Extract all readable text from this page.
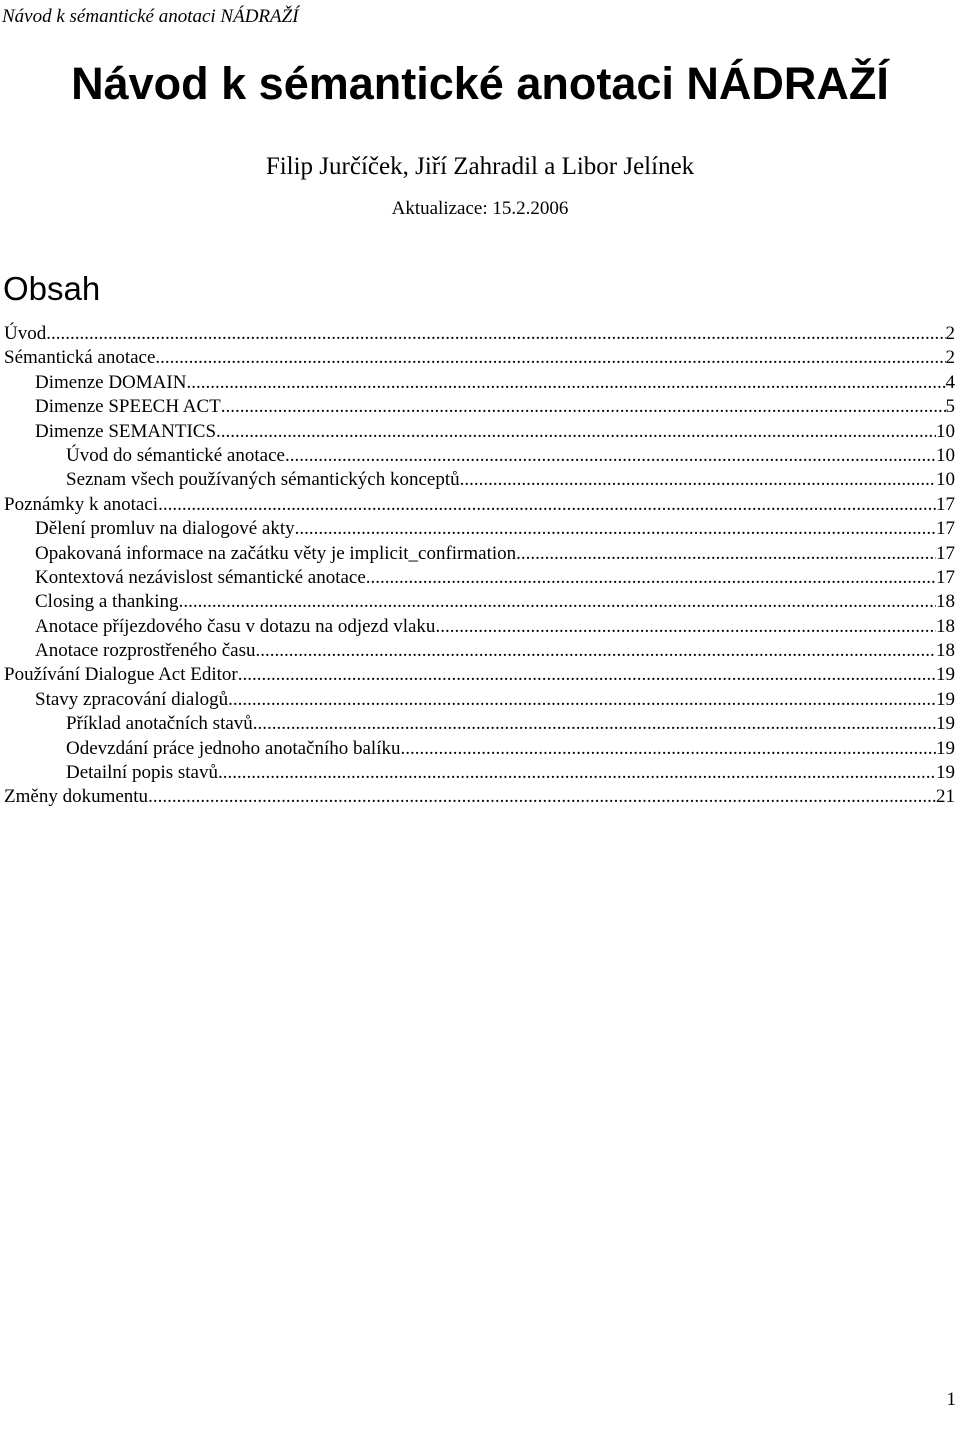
Návod k sémantické anotaci NÁDRAŽÍ
Návod k sémantické anotaci NÁDRAŽÍ
Filip Jurčíček, Jiří Zahradil a Libor Jelínek
Aktualizace: 15.2.2006
Obsah
Úvod .....	2
Sémantická anotace .....	2
Dimenze DOMAIN .....	4
Dimenze SPEECH ACT .....	5
Dimenze SEMANTICS .....	10
Úvod do sémantické anotace .....	10
Seznam všech používaných sémantických konceptů .....	10
Poznámky k anotaci .....	17
Dělení promluv na dialogové akty .....	17
Opakovaná informace na začátku věty je implicit_confirmation .....	17
Kontextová nezávislost sémantické anotace .....	17
Closing a thanking .....	18
Anotace příjezdového času v dotazu na odjezd vlaku .....	18
Anotace rozprostřeného času .....	18
Používání Dialogue Act Editor .....	19
Stavy zpracování dialogů .....	19
Příklad anotačních stavů .....	19
Odevzdání práce jednoho anotačního balíku .....	19
Detailní popis stavů .....	19
Změny dokumentu .....	21
1
